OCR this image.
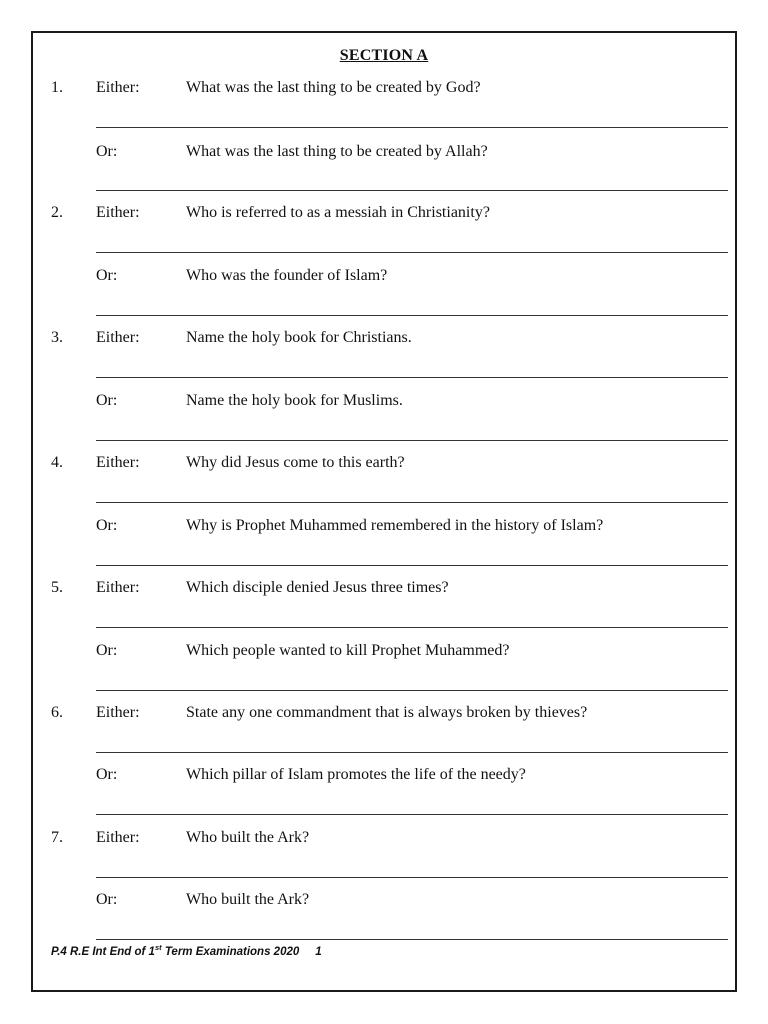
SECTION A
1. Either:	What was the last thing to be created by God?
Or:	What was the last thing to be created by Allah?
2. Either:	Who is referred to as a messiah in Christianity?
Or:	Who was the founder of Islam?
3. Either:	Name the holy book for Christians.
Or:	Name the holy book for Muslims.
4. Either:	Why did Jesus come to this earth?
Or:	Why is Prophet Muhammed remembered in the history of Islam?
5. Either:	Which disciple denied Jesus three times?
Or:	Which people wanted to kill Prophet Muhammed?
6. Either:	State any one commandment that is always broken by thieves?
Or:	Which pillar of Islam promotes the life of the needy?
7. Either:	Who built the Ark?
Or:	Who built the Ark?
P.4 R.E Int End of 1st Term Examinations 2020 1
